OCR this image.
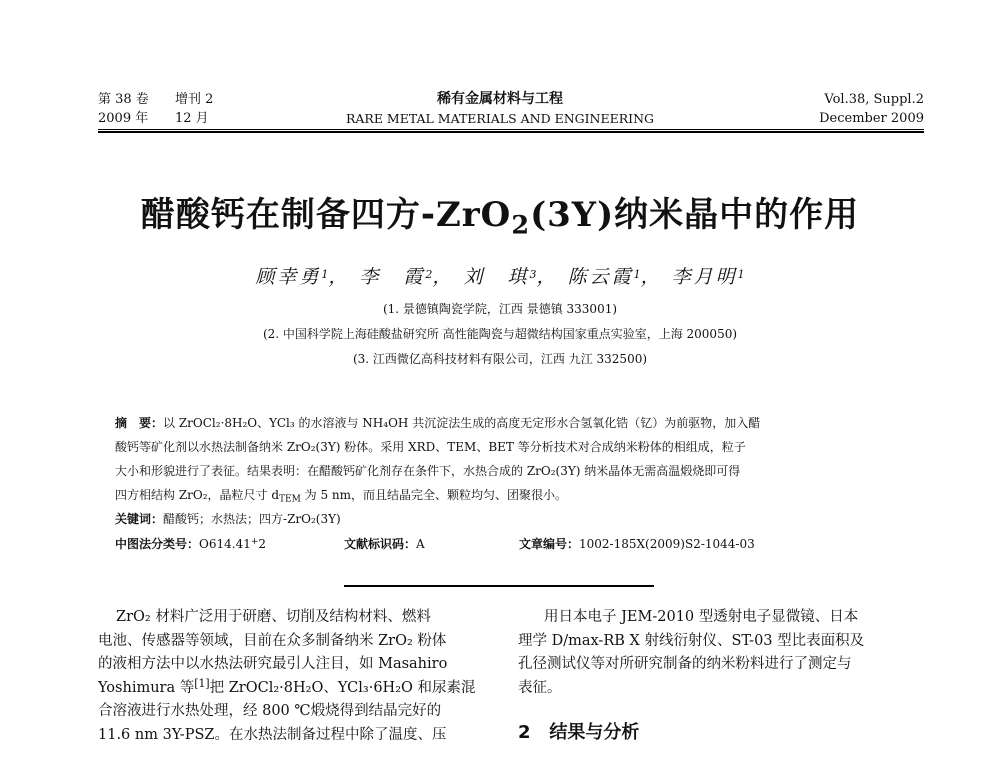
第 38 卷 增刊 2
2009 年 12 月
稀有金属材料与工程
RARE METAL MATERIALS AND ENGINEERING
Vol.38, Suppl.2
December 2009
醋酸钙在制备四方-ZrO$_2$(3Y)纳米晶中的作用
顾幸勇$^1$， 李　霞$^2$， 刘　琪$^3$， 陈云霞$^1$， 李月明$^1$
(1. 景德镇陶瓷学院，江西 景德镇 333001)
(2. 中国科学院上海硅酸盐研究所 高性能陶瓷与超微结构国家重点实验室，上海 200050)
(3. 江西微亿高科技材料有限公司，江西 九江 332500)
摘　要：以 ZrOCl₂·8H₂O、YCl₃ 的水溶液与 NH₄OH 共沉淀法生成的高度无定形水合氢氧化锆（钇）为前驱物，加入醋
酸钙等矿化剂以水热法制备纳米 ZrO₂(3Y) 粉体。采用 XRD、TEM、BET 等分析技术对合成纳米粉体的相组成，粒子
大小和形貌进行了表征。结果表明：在醋酸钙矿化剂存在条件下，水热合成的 ZrO₂(3Y) 纳米晶体无需高温煅烧即可得
四方相结构 ZrO₂，晶粒尺寸 $d_{TEM}$ 为 5 nm，而且结晶完全、颗粒均匀、团聚很小。
关键词：醋酸钙；水热法；四方-ZrO₂(3Y)
中图法分类号：O614.41+2	文献标识码：A	文章编号：1002-185X(2009)S2-1044-03
ZrO₂ 材料广泛用于研磨、切削及结构材料、燃料
电池、传感器等领域，目前在众多制备纳米 ZrO₂ 粉体
的液相方法中以水热法研究最引人注目，如 Masahiro
Yoshimura 等[1]把 ZrOCl₂·8H₂O、YCl₃·6H₂O 和尿素混
合溶液进行水热处理，经 800 ℃煅烧得到结晶完好的
11.6 nm 3Y-PSZ。在水热法制备过程中除了温度、压
用日本电子 JEM-2010 型透射电子显微镜、日本
理学 D/max-RB X 射线衍射仪、ST-03 型比表面积及
孔径测试仪等对所研究制备的纳米粉料进行了测定与
表征。
2 结果与分析
